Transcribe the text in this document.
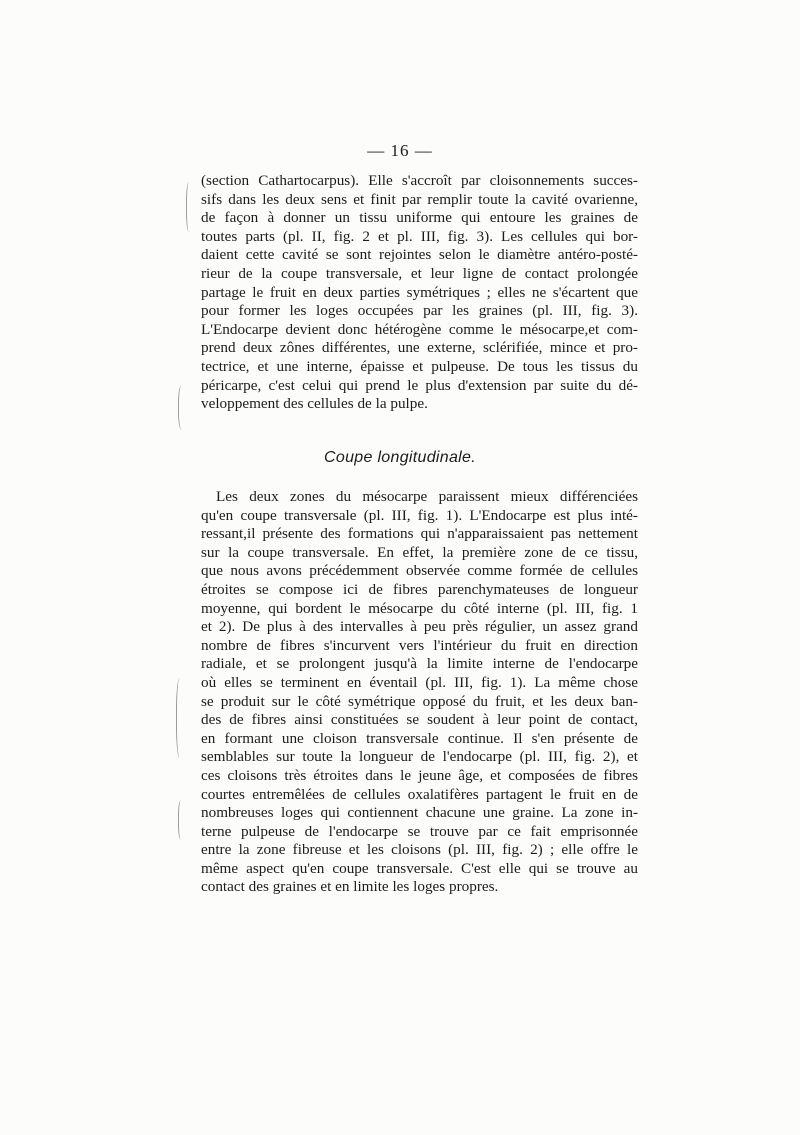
— 16 —
(section Cathartocarpus). Elle s'accroît par cloisonnements succes-
sifs dans les deux sens et finit par remplir toute la cavité ovarienne,
de façon à donner un tissu uniforme qui entoure les graines de
toutes parts (pl. II, fig. 2 et pl. III, fig. 3). Les cellules qui bor-
daient cette cavité se sont rejointes selon le diamètre antéro-posté-
rieur de la coupe transversale, et leur ligne de contact prolongée
partage le fruit en deux parties symétriques ; elles ne s'écartent que
pour former les loges occupées par les graines (pl. III, fig. 3).
L'Endocarpe devient donc hétérogène comme le mésocarpe,et com-
prend deux zônes différentes, une externe, sclérifiée, mince et pro-
tectrice, et une interne, épaisse et pulpeuse. De tous les tissus du
péricarpe, c'est celui qui prend le plus d'extension par suite du dé-
veloppement des cellules de la pulpe.
Coupe longitudinale.
Les deux zones du mésocarpe paraissent mieux différenciées
qu'en coupe transversale (pl. III, fig. 1). L'Endocarpe est plus inté-
ressant,il présente des formations qui n'apparaissaient pas nettement
sur la coupe transversale. En effet, la première zone de ce tissu,
que nous avons précédemment observée comme formée de cellules
étroites se compose ici de fibres parenchymateuses de longueur
moyenne, qui bordent le mésocarpe du côté interne (pl. III, fig. 1
et 2). De plus à des intervalles à peu près régulier, un assez grand
nombre de fibres s'incurvent vers l'intérieur du fruit en direction
radiale, et se prolongent jusqu'à la limite interne de l'endocarpe
où elles se terminent en éventail (pl. III, fig. 1). La même chose
se produit sur le côté symétrique opposé du fruit, et les deux ban-
des de fibres ainsi constituées se soudent à leur point de contact,
en formant une cloison transversale continue. Il s'en présente de
semblables sur toute la longueur de l'endocarpe (pl. III, fig. 2), et
ces cloisons très étroites dans le jeune âge, et composées de fibres
courtes entremêlées de cellules oxalatifères partagent le fruit en de
nombreuses loges qui contiennent chacune une graine. La zone in-
terne pulpeuse de l'endocarpe se trouve par ce fait emprisonnée
entre la zone fibreuse et les cloisons (pl. III, fig. 2) ; elle offre le
même aspect qu'en coupe transversale. C'est elle qui se trouve au
contact des graines et en limite les loges propres.
